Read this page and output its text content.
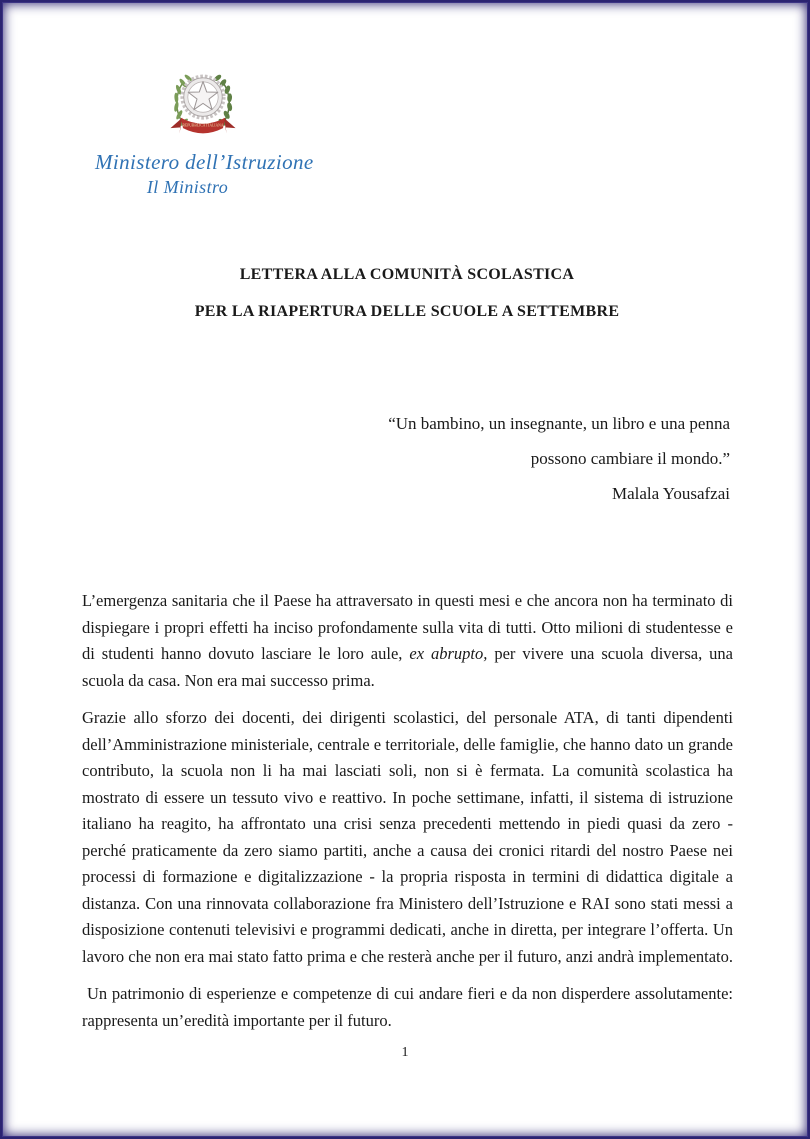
REPUBBLICA ITALIANA
Ministero dell’Istruzione
Il Ministro
LETTERA ALLA COMUNITÀ SCOLASTICA
PER LA RIAPERTURA DELLE SCUOLE A SETTEMBRE
“Un bambino, un insegnante, un libro e una penna
possono cambiare il mondo.”
Malala Yousafzai

L’emergenza sanitaria che il Paese ha attraversato in questi mesi e che ancora non ha terminato di dispiegare i propri effetti ha inciso profondamente sulla vita di tutti. Otto milioni di studentesse e di studenti hanno dovuto lasciare le loro aule, ex abrupto, per vivere una scuola diversa, una scuola da casa. Non era mai successo prima.

Grazie allo sforzo dei docenti, dei dirigenti scolastici, del personale ATA, di tanti dipendenti dell’Amministrazione ministeriale, centrale e territoriale, delle famiglie, che hanno dato un grande contributo, la scuola non li ha mai lasciati soli, non si è fermata. La comunità scolastica ha mostrato di essere un tessuto vivo e reattivo. In poche settimane, infatti, il sistema di istruzione italiano ha reagito, ha affrontato una crisi senza precedenti mettendo in piedi quasi da zero - perché praticamente da zero siamo partiti, anche a causa dei cronici ritardi del nostro Paese nei processi di formazione e digitalizzazione - la propria risposta in termini di didattica digitale a distanza. Con una rinnovata collaborazione fra Ministero dell’Istruzione e RAI sono stati messi a disposizione contenuti televisivi e programmi dedicati, anche in diretta, per integrare l’offerta. Un lavoro che non era mai stato fatto prima e che resterà anche per il futuro, anzi andrà implementato.

Un patrimonio di esperienze e competenze di cui andare fieri e da non disperdere assolutamente: rappresenta un’eredità importante per il futuro.

1
